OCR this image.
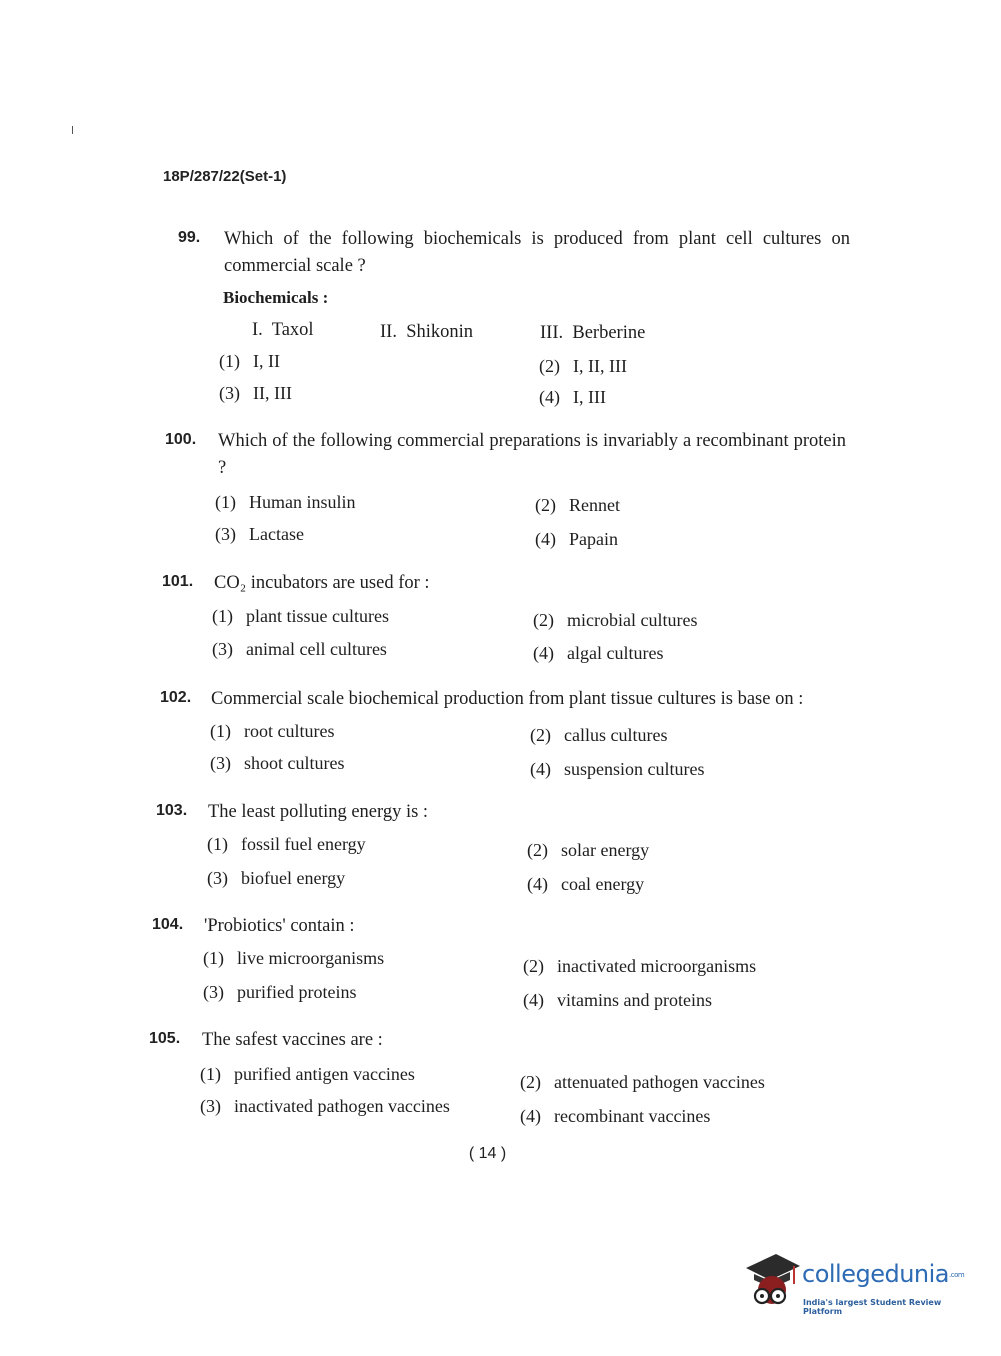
18P/287/22(Set-1)
99. Which of the following biochemicals is produced from plant cell cultures on commercial scale ?
Biochemicals :
I.  Taxol	II.  Shikonin	III.  Berberine
(1) I, II	(2) I, II, III
(3) II, III	(4) I, III
100. Which of the following commercial preparations is invariably a recombinant protein ?
(1) Human insulin	(2) Rennet
(3) Lactase	(4) Papain
101. CO₂ incubators are used for :
(1) plant tissue cultures	(2) microbial cultures
(3) animal cell cultures	(4) algal cultures
102. Commercial scale biochemical production from plant tissue cultures is base on :
(1) root cultures	(2) callus cultures
(3) shoot cultures	(4) suspension cultures
103. The least polluting energy is :
(1) fossil fuel energy	(2) solar energy
(3) biofuel energy	(4) coal energy
104. 'Probiotics' contain :
(1) live microorganisms	(2) inactivated microorganisms
(3) purified proteins	(4) vitamins and proteins
105. The safest vaccines are :
(1) purified antigen vaccines	(2) attenuated pathogen vaccines
(3) inactivated pathogen vaccines	(4) recombinant vaccines
( 14 )
collegedunia.com
India's largest Student Review Platform
